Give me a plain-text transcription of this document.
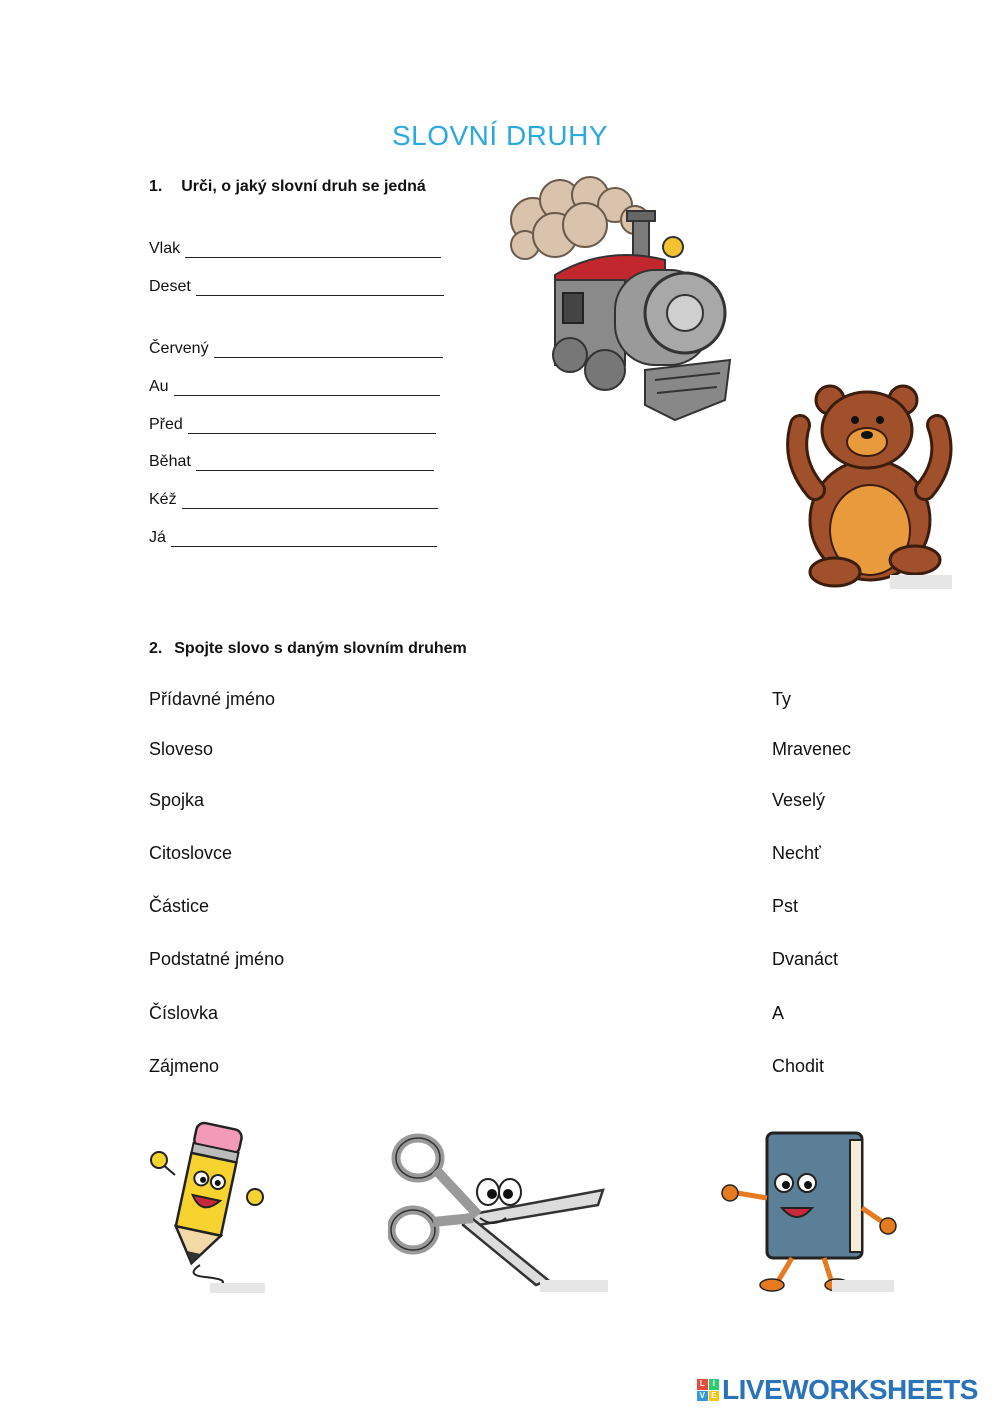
SLOVNÍ DRUHY
1. Urči, o jaký slovní druh se jedná
Vlak
Deset
Červený
Au
Před
Běhat
Kéž
Já
2. Spojte slovo s daným slovním druhem
Přídavné jméno
Sloveso
Spojka
Citoslovce
Částice
Podstatné jméno
Číslovka
Zájmeno
Ty
Mravenec
Veselý
Nechť
Pst
Dvanáct
A
Chodit
L I
V E LIVEWORKSHEETS
